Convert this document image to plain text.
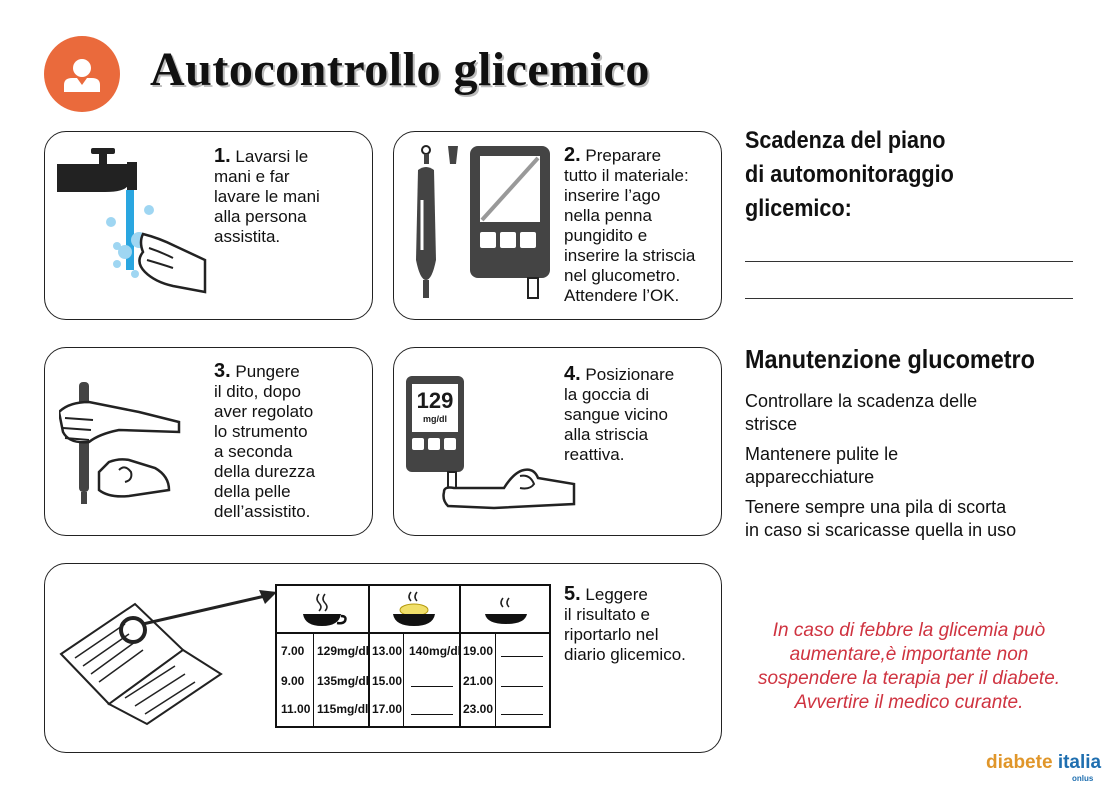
Autocontrollo glicemico
1. Lavarsi le
mani e far
lavare le mani
alla persona
assistita.
2. Preparare
tutto il materiale:
inserire l’ago
nella penna
pungidito e
inserire la striscia
nel glucometro.
Attendere l’OK.
3. Pungere
il dito, dopo
aver regolato
lo strumento
a seconda
della durezza
della pelle
dell’assistito.
129
mg/dl
4. Posizionare
la goccia di
sangue vicino
alla striscia
reattiva.
7.00 129mg/dl
9.00 135mg/dl
11.00 115mg/dl
13.00 140mg/dl
15.00
17.00
19.00
21.00
23.00
5. Leggere
il risultato e
riportarlo nel
diario glicemico.
Scadenza del piano
di automonitoraggio
glicemico:
Manutenzione glucometro
Controllare la scadenza delle
strisce
Mantenere pulite le
apparecchiature
Tenere sempre una pila di scorta
in caso si scaricasse quella in uso
In caso di febbre la glicemia può
aumentare,è importante non
sospendere la terapia per il diabete.
Avvertire il medico curante.
diabete italia
onlus
